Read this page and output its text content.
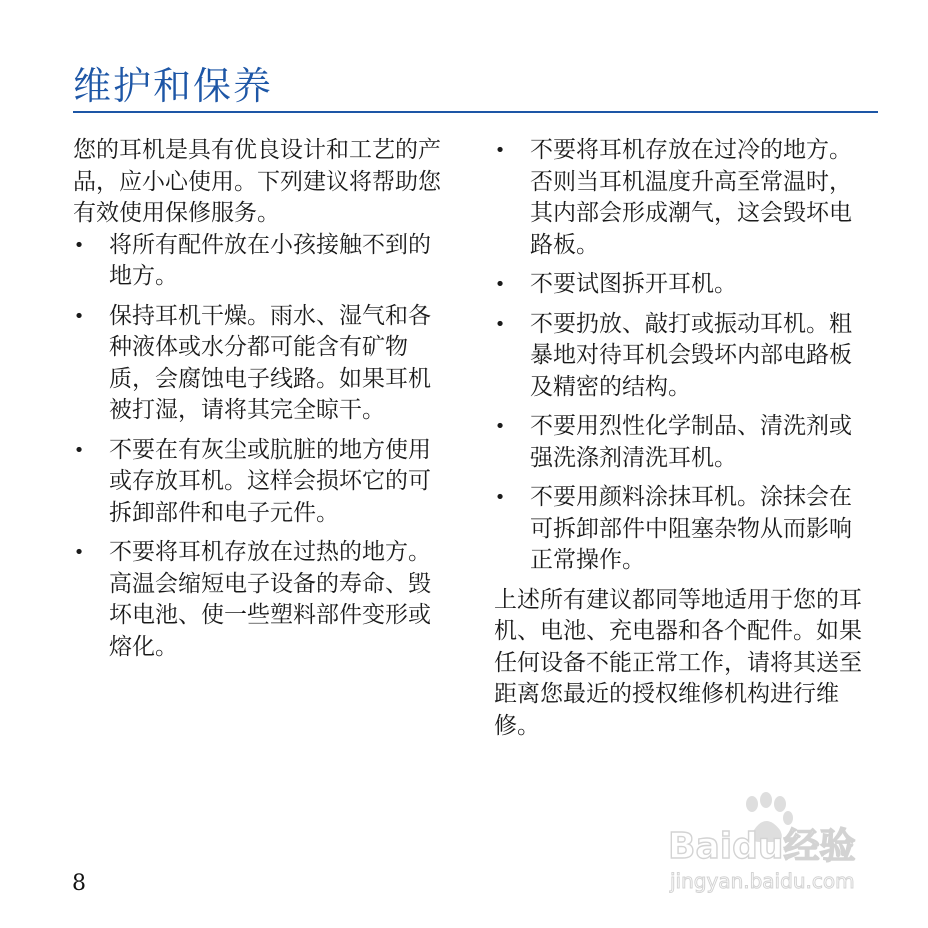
维护和保养

您的耳机是具有优良设计和工艺的产品，应小心使用。下列建议将帮助您有效使用保修服务。

• 将所有配件放在小孩接触不到的地方。
• 保持耳机干燥。雨水、湿气和各种液体或水分都可能含有矿物质，会腐蚀电子线路。如果耳机被打湿，请将其完全晾干。
• 不要在有灰尘或肮脏的地方使用或存放耳机。这样会损坏它的可拆卸部件和电子元件。
• 不要将耳机存放在过热的地方。高温会缩短电子设备的寿命、毁坏电池、使一些塑料部件变形或熔化。
• 不要将耳机存放在过冷的地方。否则当耳机温度升高至常温时，其内部会形成潮气，这会毁坏电路板。
• 不要试图拆开耳机。
• 不要扔放、敲打或振动耳机。粗暴地对待耳机会毁坏内部电路板及精密的结构。
• 不要用烈性化学制品、清洗剂或强洗涤剂清洗耳机。
• 不要用颜料涂抹耳机。涂抹会在可拆卸部件中阻塞杂物从而影响正常操作。

上述所有建议都同等地适用于您的耳机、电池、充电器和各个配件。如果任何设备不能正常工作，请将其送至距离您最近的授权维修机构进行维修。

8
Baidu经验
jingyan.baidu.com
